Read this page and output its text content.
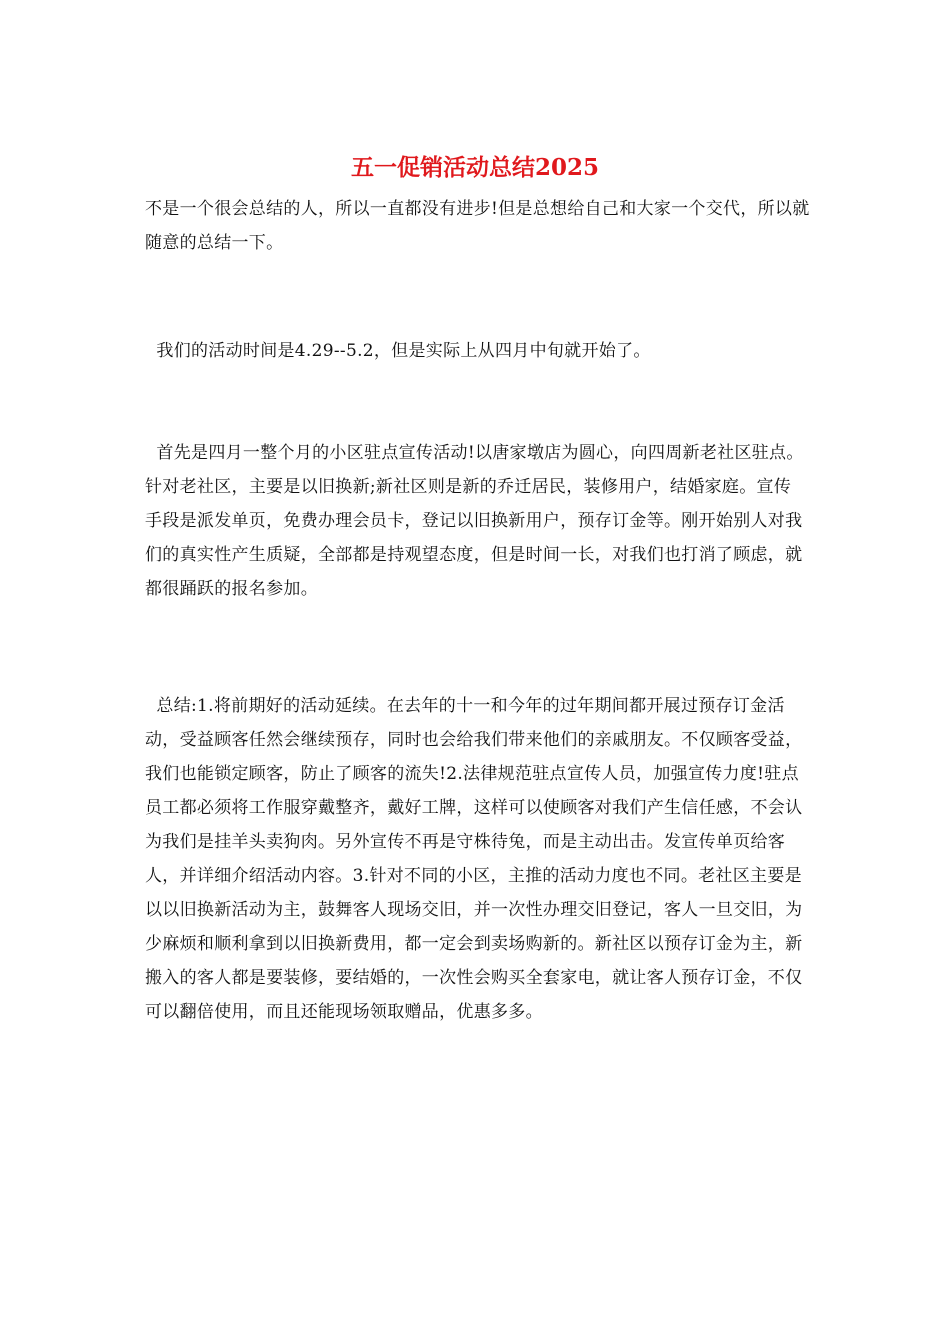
五一促销活动总结2025

不是一个很会总结的人，所以一直都没有进步!但是总想给自己和大家一个交代，所以就随意的总结一下。

我们的活动时间是4.29--5.2，但是实际上从四月中旬就开始了。

首先是四月一整个月的小区驻点宣传活动!以唐家墩店为圆心，向四周新老社区驻点。针对老社区，主要是以旧换新;新社区则是新的乔迁居民，装修用户，结婚家庭。宣传手段是派发单页，免费办理会员卡，登记以旧换新用户，预存订金等。刚开始别人对我们的真实性产生质疑，全部都是持观望态度，但是时间一长，对我们也打消了顾虑，就都很踊跃的报名参加。

总结:1.将前期好的活动延续。在去年的十一和今年的过年期间都开展过预存订金活动，受益顾客任然会继续预存，同时也会给我们带来他们的亲戚朋友。不仅顾客受益，我们也能锁定顾客，防止了顾客的流失!2.法律规范驻点宣传人员，加强宣传力度!驻点员工都必须将工作服穿戴整齐，戴好工牌，这样可以使顾客对我们产生信任感，不会认为我们是挂羊头卖狗肉。另外宣传不再是守株待兔，而是主动出击。发宣传单页给客人，并详细介绍活动内容。3.针对不同的小区，主推的活动力度也不同。老社区主要是以以旧换新活动为主，鼓舞客人现场交旧，并一次性办理交旧登记，客人一旦交旧，为少麻烦和顺利拿到以旧换新费用，都一定会到卖场购新的。新社区以预存订金为主，新搬入的客人都是要装修，要结婚的，一次性会购买全套家电，就让客人预存订金，不仅可以翻倍使用，而且还能现场领取赠品，优惠多多。
